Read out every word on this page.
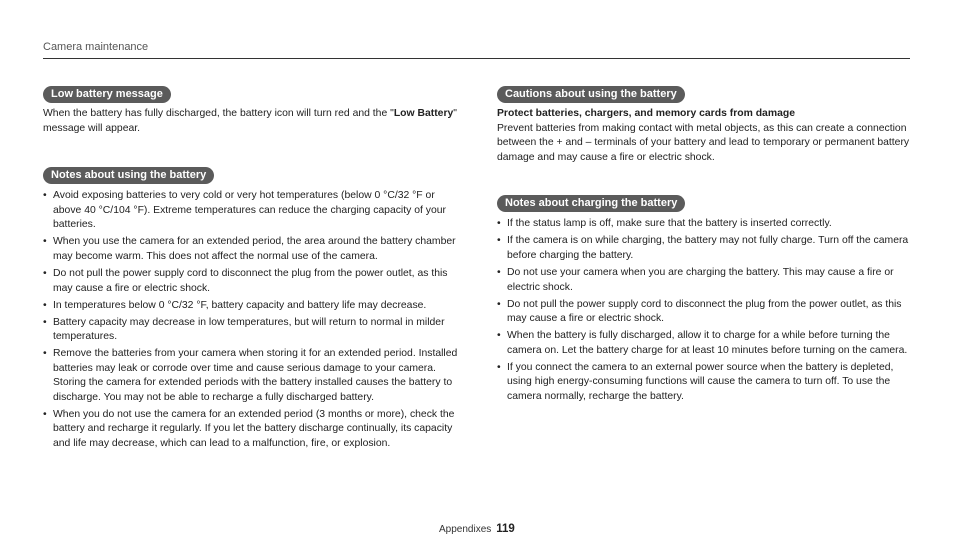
Camera maintenance
Low battery message

When the battery has fully discharged, the battery icon will turn red and the "Low Battery" message will appear.

Notes about using the battery
• Avoid exposing batteries to very cold or very hot temperatures (below 0 °C/32 °F or above 40 °C/104 °F). Extreme temperatures can reduce the charging capacity of your batteries.
• When you use the camera for an extended period, the area around the battery chamber may become warm. This does not affect the normal use of the camera.
• Do not pull the power supply cord to disconnect the plug from the power outlet, as this may cause a fire or electric shock.
• In temperatures below 0 °C/32 °F, battery capacity and battery life may decrease.
• Battery capacity may decrease in low temperatures, but will return to normal in milder temperatures.
• Remove the batteries from your camera when storing it for an extended period. Installed batteries may leak or corrode over time and cause serious damage to your camera. Storing the camera for extended periods with the battery installed causes the battery to discharge. You may not be able to recharge a fully discharged battery.
• When you do not use the camera for an extended period (3 months or more), check the battery and recharge it regularly. If you let the battery discharge continually, its capacity and life may decrease, which can lead to a malfunction, fire, or explosion.
Cautions about using the battery

Protect batteries, chargers, and memory cards from damage

Prevent batteries from making contact with metal objects, as this can create a connection between the + and – terminals of your battery and lead to temporary or permanent battery damage and may cause a fire or electric shock.

Notes about charging the battery
• If the status lamp is off, make sure that the battery is inserted correctly.
• If the camera is on while charging, the battery may not fully charge. Turn off the camera before charging the battery.
• Do not use your camera when you are charging the battery. This may cause a fire or electric shock.
• Do not pull the power supply cord to disconnect the plug from the power outlet, as this may cause a fire or electric shock.
• When the battery is fully discharged, allow it to charge for a while before turning the camera on. Let the battery charge for at least 10 minutes before turning on the camera.
• If you connect the camera to an external power source when the battery is depleted, using high energy-consuming functions will cause the camera to turn off. To use the camera normally, recharge the battery.
Appendixes 119
